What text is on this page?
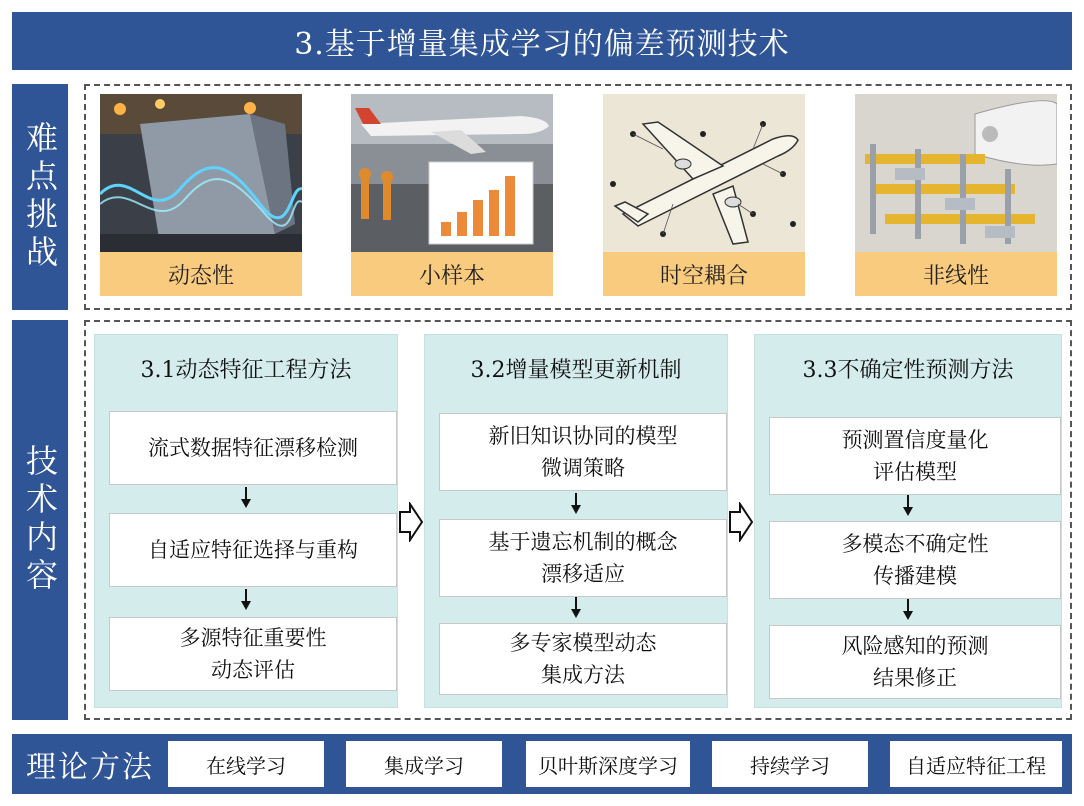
3.基于增量集成学习的偏差预测技术
难点挑战
技术内容
动态性	小样本	时空耦合	非线性
3.1动态特征工程方法
流式数据特征漂移检测
自适应特征选择与重构
多源特征重要性
动态评估
3.2增量模型更新机制
新旧知识协同的模型
微调策略
基于遗忘机制的概念
漂移适应
多专家模型动态
集成方法
3.3不确定性预测方法
预测置信度量化
评估模型
多模态不确定性
传播建模
风险感知的预测
结果修正
理论方法	在线学习	集成学习	贝叶斯深度学习	持续学习	自适应特征工程
